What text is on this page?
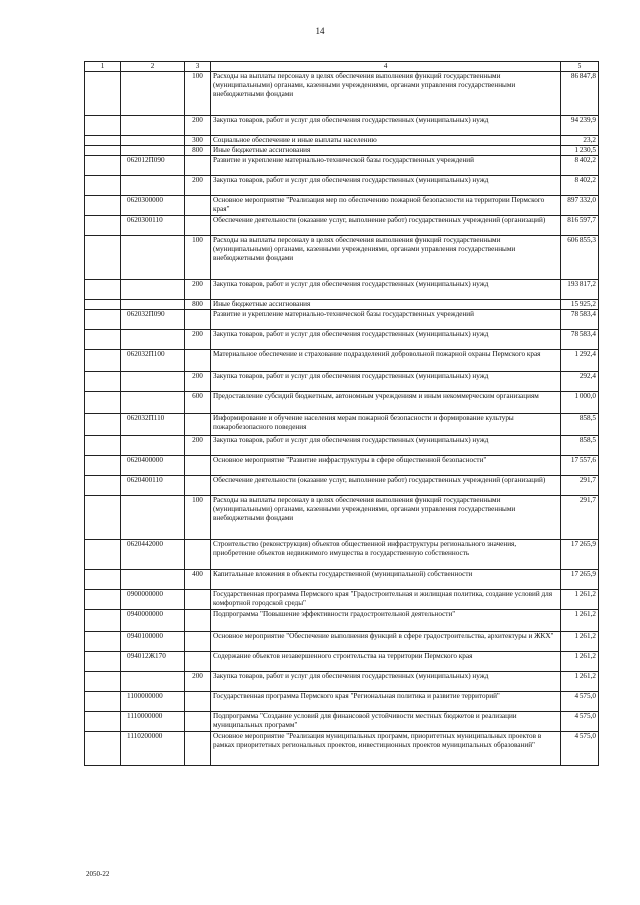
14
1	2	3	4	5
		100	Расходы на выплаты персоналу в целях обеспечения выполнения функций государственными (муниципальными) органами, казенными учреждениями, органами управления государственными внебюджетными фондами	86 847,8
		200	Закупка товаров, работ и услуг для обеспечения государственных (муниципальных) нужд	94 239,9
		300	Социальное обеспечение и иные выплаты населению	23,2
		800	Иные бюджетные ассигнования	1 230,5
	062012П090		Развитие и укрепление материально-технической базы государственных учреждений	8 402,2
		200	Закупка товаров, работ и услуг для обеспечения государственных (муниципальных) нужд	8 402,2
	0620300000		Основное мероприятие "Реализация мер по обеспечению пожарной безопасности на территории Пермского края"	897 332,0
	0620300110		Обеспечение деятельности (оказание услуг, выполнение работ) государственных учреждений (организаций)	816 597,7
		100	Расходы на выплаты персоналу в целях обеспечения выполнения функций государственными (муниципальными) органами, казенными учреждениями, органами управления государственными внебюджетными фондами	606 855,3
		200	Закупка товаров, работ и услуг для обеспечения государственных (муниципальных) нужд	193 817,2
		800	Иные бюджетные ассигнования	15 925,2
	062032П090		Развитие и укрепление материально-технической базы государственных учреждений	78 583,4
		200	Закупка товаров, работ и услуг для обеспечения государственных (муниципальных) нужд	78 583,4
	062032П100		Материальное обеспечение и страхование подразделений добровольной пожарной охраны Пермского края	1 292,4
		200	Закупка товаров, работ и услуг для обеспечения государственных (муниципальных) нужд	292,4
		600	Предоставление субсидий бюджетным, автономным учреждениям и иным некоммерческим организациям	1 000,0
	062032П110		Информирование и обучение населения мерам пожарной безопасности и формирование культуры пожаробезопасного поведения	858,5
		200	Закупка товаров, работ и услуг для обеспечения государственных (муниципальных) нужд	858,5
	0620400000		Основное мероприятие "Развитие инфраструктуры в сфере общественной безопасности"	17 557,6
	0620400110		Обеспечение деятельности (оказание услуг, выполнение работ) государственных учреждений (организаций)	291,7
		100	Расходы на выплаты персоналу в целях обеспечения выполнения функций государственными (муниципальными) органами, казенными учреждениями, органами управления государственными внебюджетными фондами	291,7
	0620442000		Строительство (реконструкция) объектов общественной инфраструктуры регионального значения, приобретение объектов недвижимого имущества в государственную собственность	17 265,9
		400	Капитальные вложения в объекты государственной (муниципальной) собственности	17 265,9
	0900000000		Государственная программа Пермского края "Градостроительная и жилищная политика, создание условий для комфортной городской среды"	1 261,2
	0940000000		Подпрограмма "Повышение эффективности градостроительной деятельности"	1 261,2
	0940100000		Основное мероприятие "Обеспечение выполнения функций в сфере градостроительства, архитектуры и ЖКХ"	1 261,2
	094012Ж170		Содержание объектов незавершенного строительства на территории Пермского края	1 261,2
		200	Закупка товаров, работ и услуг для обеспечения государственных (муниципальных) нужд	1 261,2
	1100000000		Государственная программа Пермского края "Региональная политика и развитие территорий"	4 575,0
	1110000000		Подпрограмма "Создание условий для финансовой устойчивости местных бюджетов и реализации муниципальных программ"	4 575,0
	1110200000		Основное мероприятие "Реализация муниципальных программ, приоритетных муниципальных проектов в рамках приоритетных региональных проектов, инвестиционных проектов муниципальных образований"	4 575,0
2050-22
